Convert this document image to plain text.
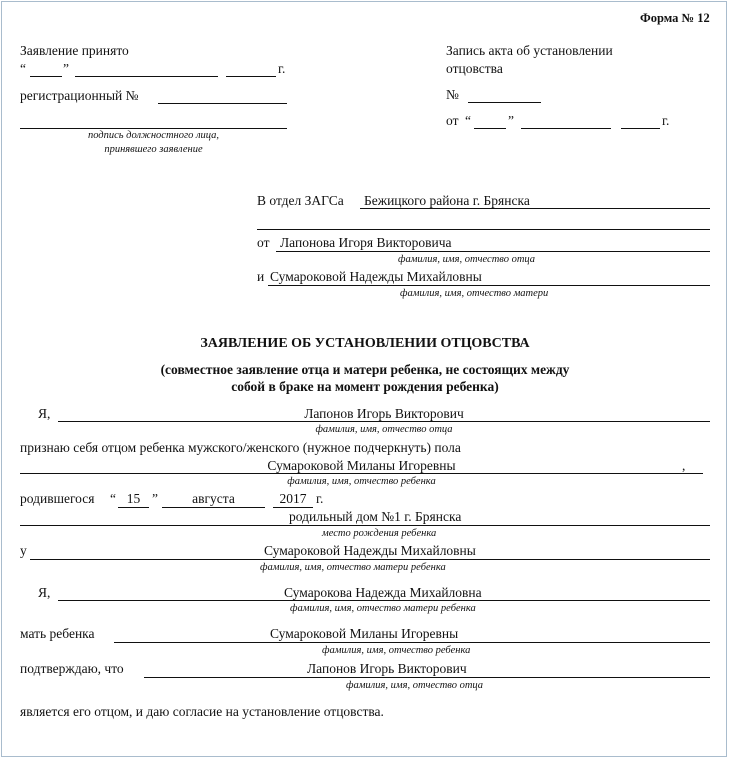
Форма № 12
Заявление принято
“	”	г.
регистрационный №
подпись должностного лица,
принявшего заявление
Запись акта об установлении
отцовства
№
от “	”	г.
В отдел ЗАГСа Бежицкого района г. Брянска
от Лапонова Игоря Викторовича
фамилия, имя, отчество отца
и Сумароковой Надежды Михайловны
фамилия, имя, отчество матери
ЗАЯВЛЕНИЕ ОБ УСТАНОВЛЕНИИ ОТЦОВСТВА
(совместное заявление отца и матери ребенка, не состоящих между
собой в браке на момент рождения ребенка)
Я,	Лапонов Игорь Викторович
фамилия, имя, отчество отца
признаю себя отцом ребенка мужского/женского (нужное подчеркнуть) пола
Сумароковой Миланы Игоревны	,
фамилия, имя, отчество ребенка
родившегося “ 15 ”	августа	2017 г.
родильный дом №1 г. Брянска
место рождения ребенка
у	Сумароковой Надежды Михайловны
фамилия, имя, отчество матери ребенка
Я,	Сумарокова Надежда Михайловна
фамилия, имя, отчество матери ребенка
мать ребенка	Сумароковой Миланы Игоревны
фамилия, имя, отчество ребенка
подтверждаю, что	Лапонов Игорь Викторович
фамилия, имя, отчество отца
является его отцом, и даю согласие на установление отцовства.
